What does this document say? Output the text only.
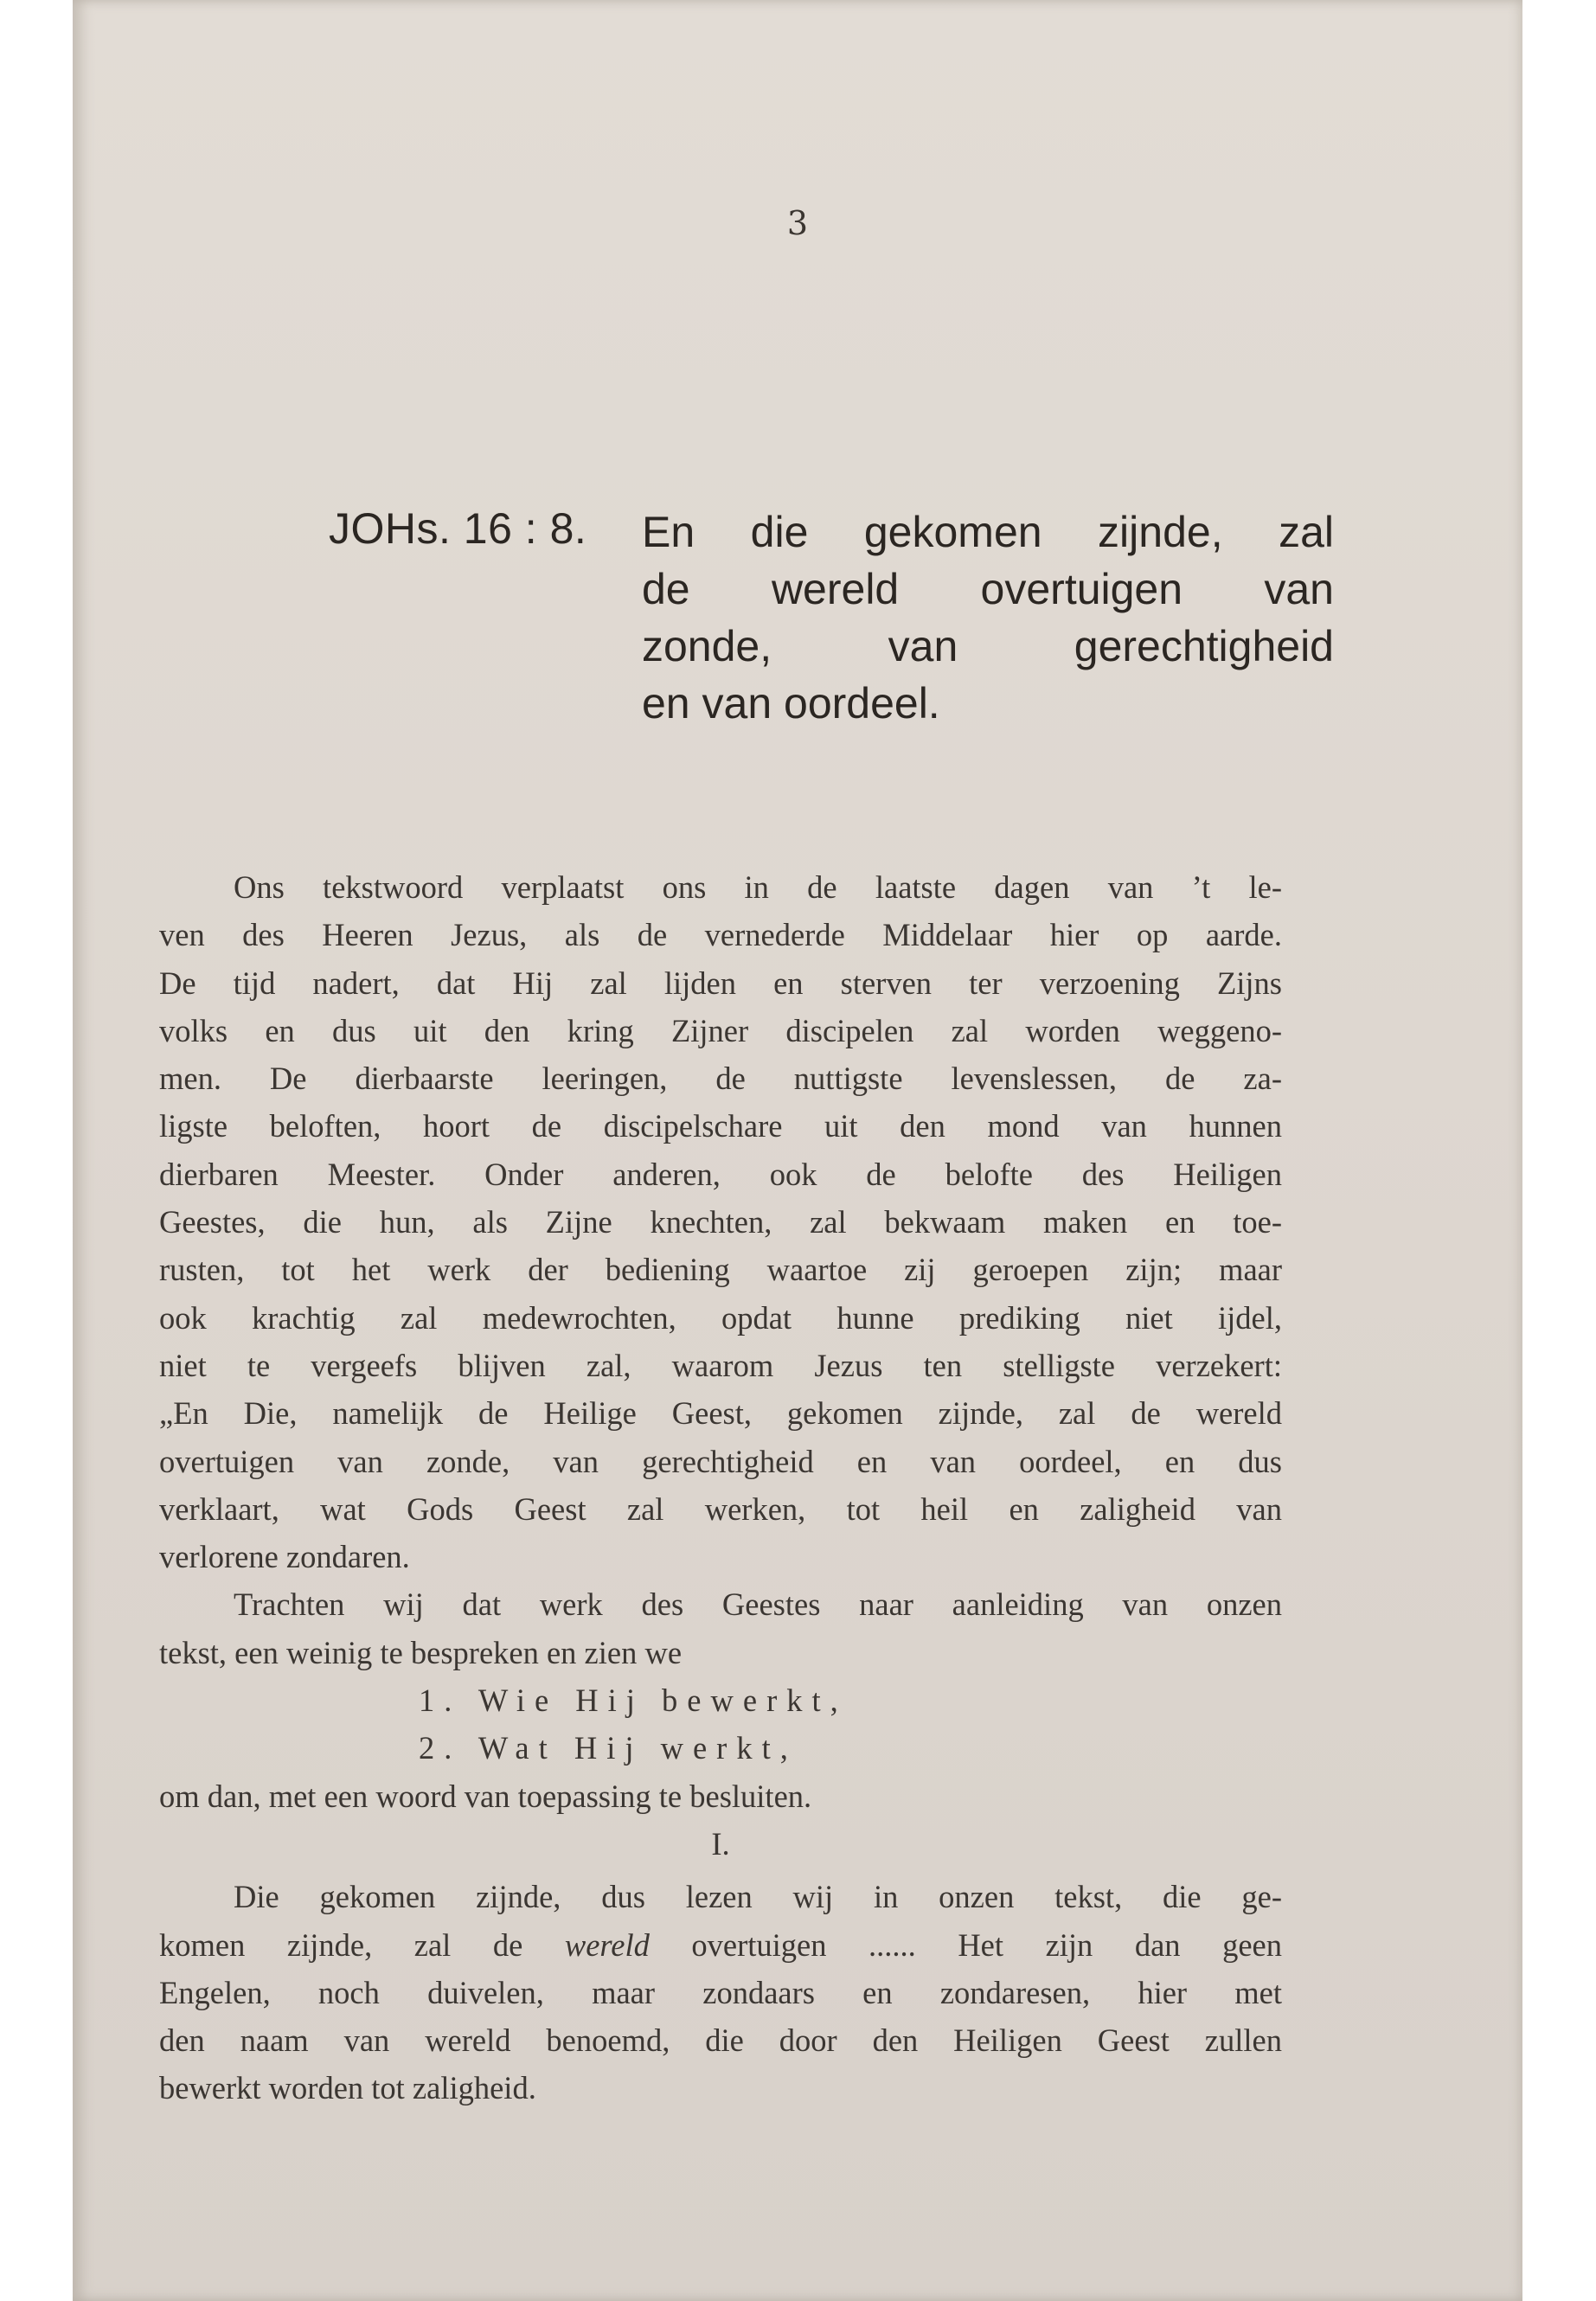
3
JOHs. 16 : 8. En die gekomen zijnde, zal
de wereld overtuigen van
zonde, van gerechtigheid
en van oordeel.
Ons tekstwoord verplaatst ons in de laatste dagen van ’t le-
ven des Heeren Jezus, als de vernederde Middelaar hier op aarde.
De tijd nadert, dat Hij zal lijden en sterven ter verzoening Zijns
volks en dus uit den kring Zijner discipelen zal worden weggeno-
men. De dierbaarste leeringen, de nuttigste levenslessen, de za-
ligste beloften, hoort de discipelschare uit den mond van hunnen
dierbaren Meester. Onder anderen, ook de belofte des Heiligen
Geestes, die hun, als Zijne knechten, zal bekwaam maken en toe-
rusten, tot het werk der bediening waartoe zij geroepen zijn; maar
ook krachtig zal medewrochten, opdat hunne prediking niet ijdel,
niet te vergeefs blijven zal, waarom Jezus ten stelligste verzekert:
„En Die, namelijk de Heilige Geest, gekomen zijnde, zal de wereld
overtuigen van zonde, van gerechtigheid en van oordeel, en dus
verklaart, wat Gods Geest zal werken, tot heil en zaligheid van
verlorene zondaren.
Trachten wij dat werk des Geestes naar aanleiding van onzen
tekst, een weinig te bespreken en zien we
1. Wie Hij bewerkt,
2. Wat Hij werkt,
om dan, met een woord van toepassing te besluiten.
I.
Die gekomen zijnde, dus lezen wij in onzen tekst, die ge-
komen zijnde, zal de wereld overtuigen ...... Het zijn dan geen
Engelen, noch duivelen, maar zondaars en zondaresen, hier met
den naam van wereld benoemd, die door den Heiligen Geest zullen
bewerkt worden tot zaligheid.
